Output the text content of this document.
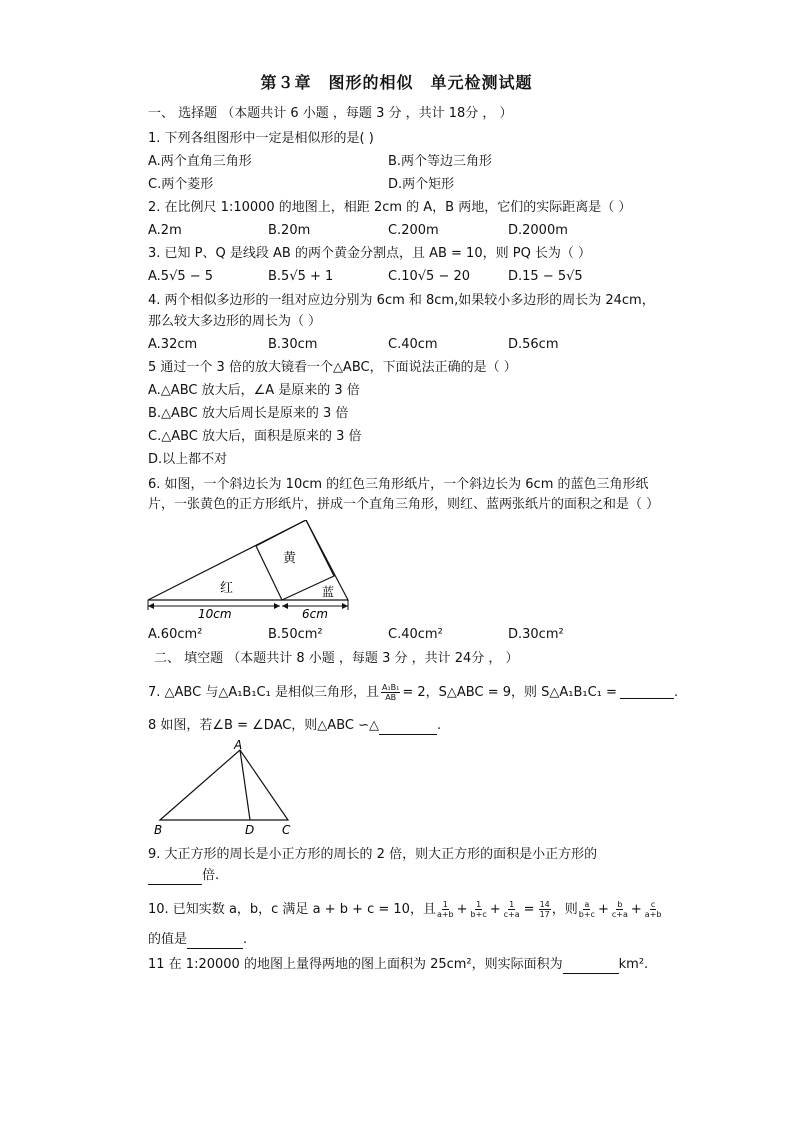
第３章　图形的相似　单元检测试题
一、 选择题 （本题共计 6 小题 ，每题 3 分 ，共计 18分 ， ）
1. 下列各组图形中一定是相似形的是( )
A.两个直角三角形	B.两个等边三角形
C.两个菱形	D.两个矩形
2. 在比例尺 1:10000 的地图上，相距 2cm 的 A，B 两地，它们的实际距离是（ ）
A.2m	B.20m	C.200m	D.2000m
3. 已知 P、Q 是线段 AB 的两个黄金分割点，且 AB = 10，则 PQ 长为（ ）
A.5√5 − 5	B.5√5 + 1	C.10√5 − 20	D.15 − 5√5
4. 两个相似多边形的一组对应边分别为 6cm 和 8cm,如果较小多边形的周长为 24cm，
那么较大多边形的周长为（ ）
A.32cm	B.30cm	C.40cm	D.56cm
5 通过一个 3 倍的放大镜看一个△ABC，下面说法正确的是（ ）
A.△ABC 放大后，∠A 是原来的 3 倍
B.△ABC 放大后周长是原来的 3 倍
C.△ABC 放大后，面积是原来的 3 倍
D.以上都不对
6. 如图，一个斜边长为 10cm 的红色三角形纸片，一个斜边长为 6cm 的蓝色三角形纸
片，一张黄色的正方形纸片，拼成一个直角三角形，则红、蓝两张纸片的面积之和是（ ）
黄
红	蓝
10cm	6cm
A.60cm²	B.50cm²	C.40cm²	D.30cm²
二、 填空题 （本题共计 8 小题 ，每题 3 分 ，共计 24分 ， ）
7. △ABC 与△A₁B₁C₁ 是相似三角形，且 $\frac{\text{A₁B₁}}{AB} = 2$，S△ABC = 9，则 S△A₁B₁C₁ =	.
8 如图，若∠B = ∠DAC，则△ABC ∽△	.
A
B	D C
9. 大正方形的周长是小正方形的周长的 2 倍，则大正方形的面积是小正方形的
倍.
10. 已知实数 a，b，c 满足 a + b + c = 10，且 $\frac{1}{a+b} + \frac{1}{b+c} + \frac{1}{c+a} = \frac{14}{17}$ ，则 $\frac{a}{b+c} + \frac{b}{c+a} + \frac{c}{a+b}$
的值是	.
11 在 1:20000 的地图上量得两地的图上面积为 25cm²，则实际面积为	km².
